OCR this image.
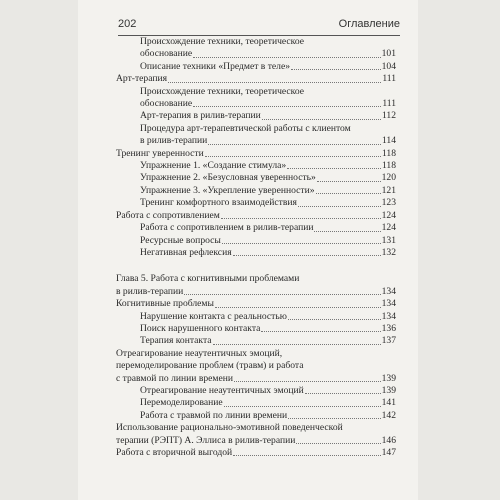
202	Оглавление
Происхождение техники, теоретическое
обоснование	101
Описание техники «Предмет в теле»	104
Арт-терапия	111
Происхождение техники, теоретическое
обоснование	111
Арт-терапия в рилив-терапии	112
Процедура арт-терапевтической работы с клиентом
в рилив-терапии	114
Тренинг уверенности	118
Упражнение 1. «Создание стимула»	118
Упражнение 2. «Безусловная уверенность»	120
Упражнение 3. «Укрепление уверенности»	121
Тренинг комфортного взаимодействия	123
Работа с сопротивлением	124
Работа с сопротивлением в рилив-терапии	124
Ресурсные вопросы	131
Негативная рефлексия	132
Глава 5. Работа с когнитивными проблемами
в рилив-терапии	134
Когнитивные проблемы	134
Нарушение контакта с реальностью	134
Поиск нарушенного контакта	136
Терапия контакта	137
Отреагирование неаутентичных эмоций,
перемоделирование проблем (травм) и работа
с травмой по линии времени	139
Отреагирование неаутентичных эмоций	139
Перемоделирование	141
Работа с травмой по линии времени	142
Использование рационально-эмотивной поведенческой
терапии (РЭПТ) А. Эллиса в рилив-терапии	146
Работа с вторичной выгодой	147
